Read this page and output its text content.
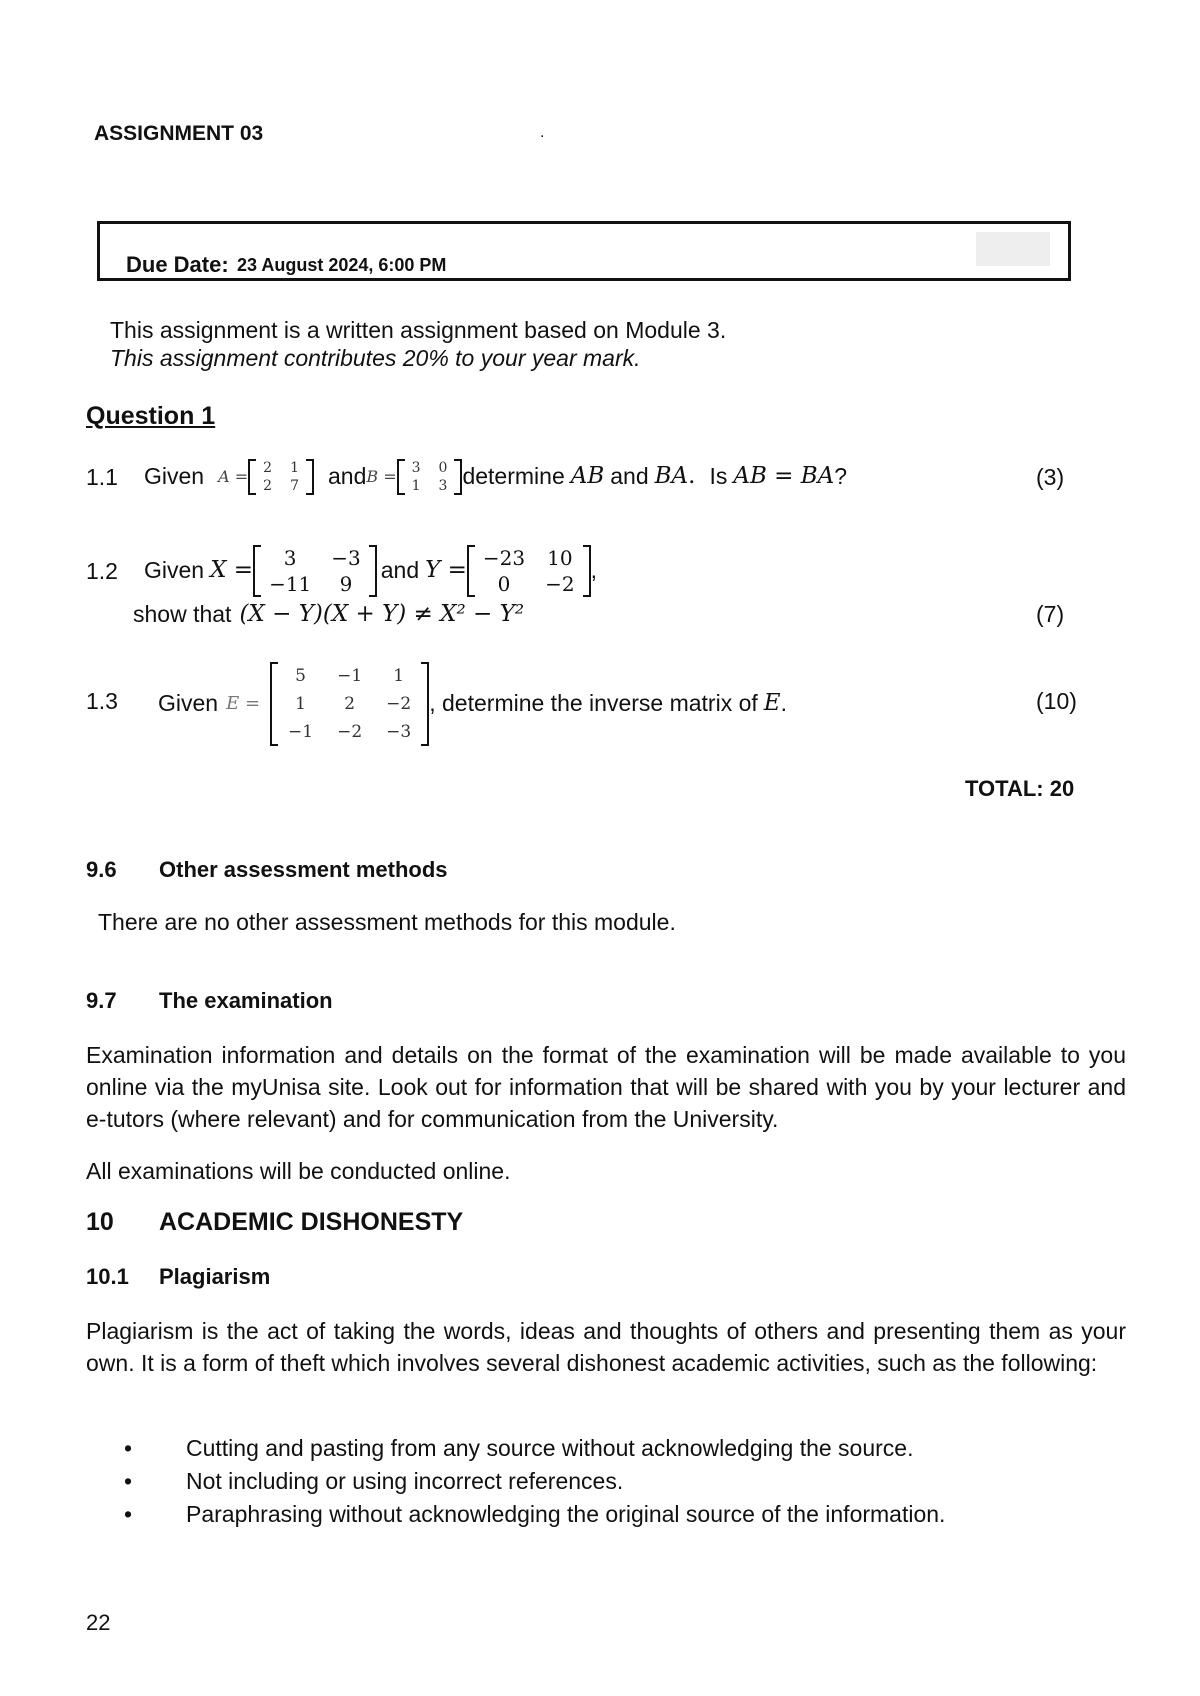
ASSIGNMENT 03	.
Due Date: 23 August 2024, 6:00 PM
This assignment is a written assignment based on Module 3.
This assignment contributes 20% to your year mark.
Question 1
1.1 Given A = 2	1
2	7 and B = 3	0
1	3 determine AB and BA . Is AB = BA ?	(3)
1.2 Given X = 3	−3
−11	9
and Y = −23	10
0	−2
,
show that (X − Y)(X + Y) ≠ X² − Y²	(7)
1.3 Given E =
5	−1	1
1	2	−2
−1	−2	−3
, determine the inverse matrix of E .	(10)
TOTAL: 20
9.6 Other assessment methods
There are no other assessment methods for this module.
9.7 The examination
Examination information and details on the format of the examination will be made available to you online via the myUnisa site. Look out for information that will be shared with you by your lecturer and e-tutors (where relevant) and for communication from the University.
All examinations will be conducted online.
10 ACADEMIC DISHONESTY
10.1 Plagiarism
Plagiarism is the act of taking the words, ideas and thoughts of others and presenting them as your own. It is a form of theft which involves several dishonest academic activities, such as the following:
• Cutting and pasting from any source without acknowledging the source.
• Not including or using incorrect references.
• Paraphrasing without acknowledging the original source of the information.
22
